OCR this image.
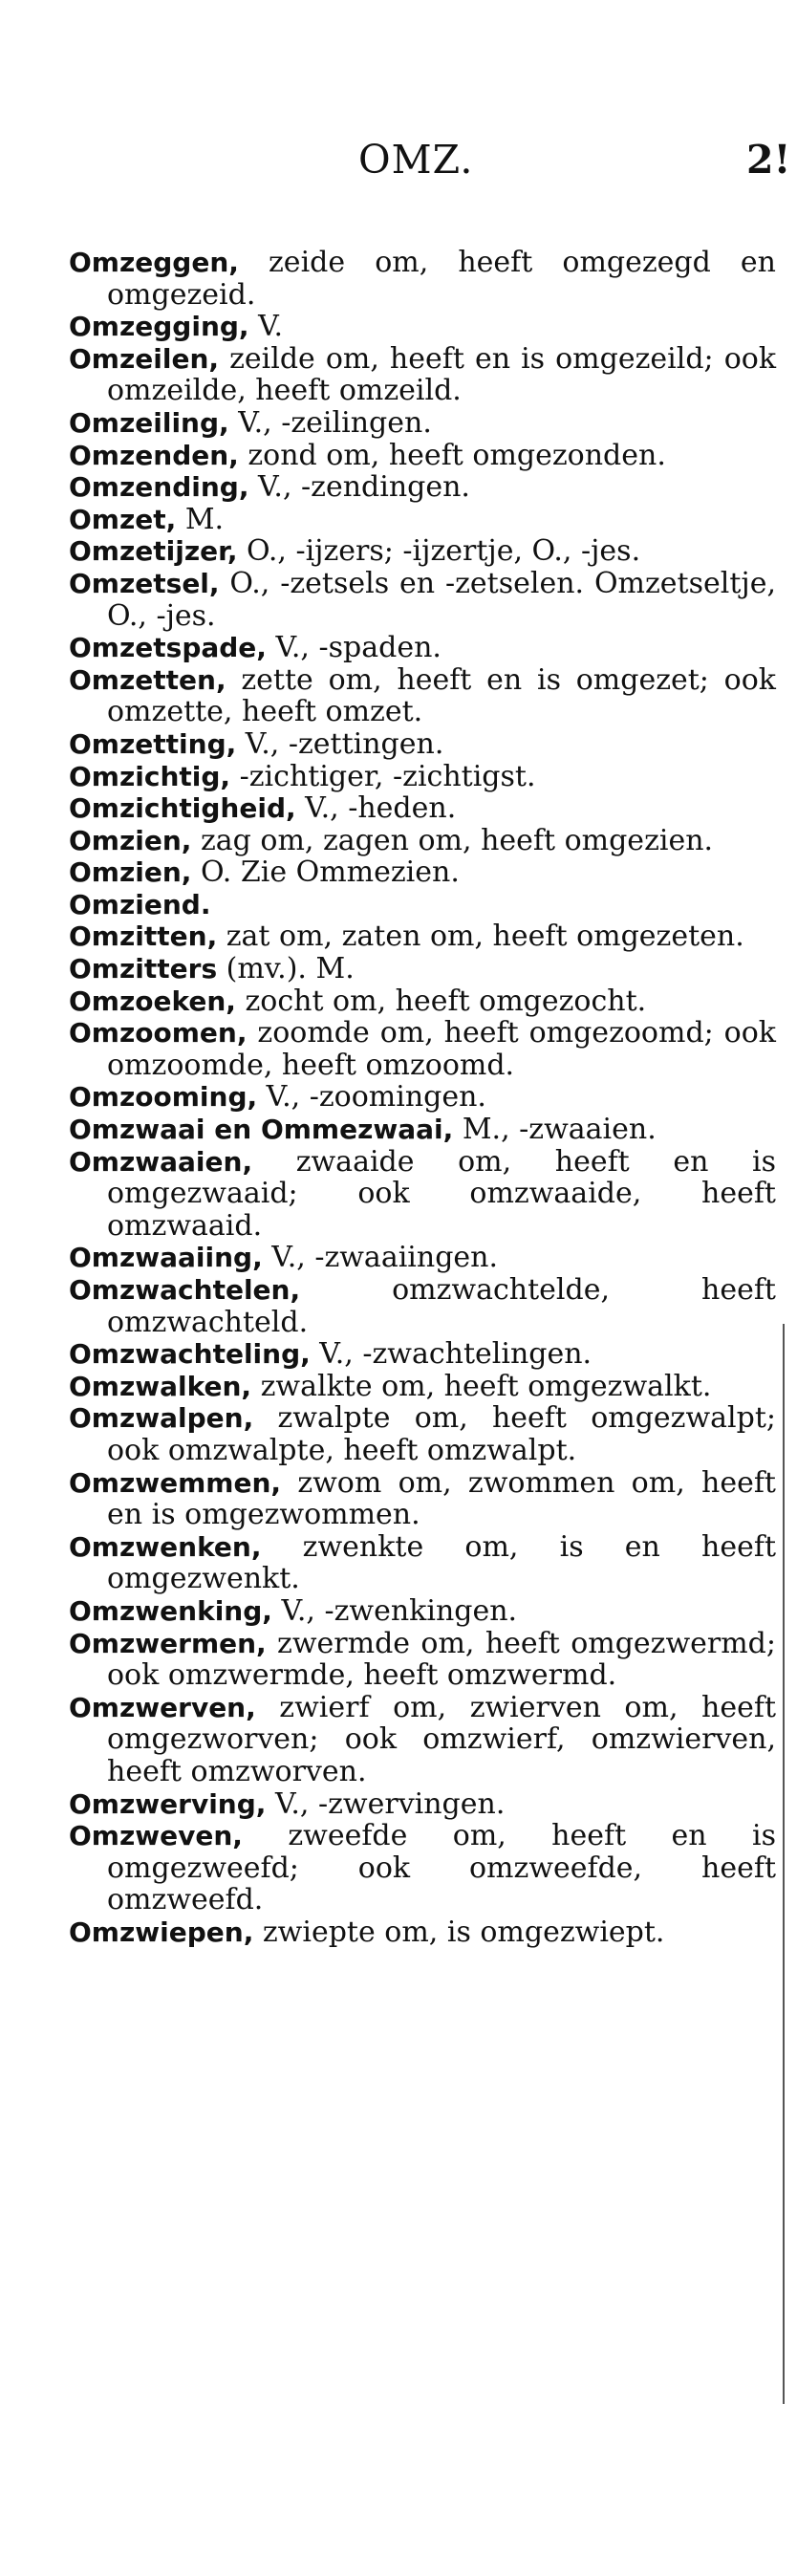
OMZ.	2!
Omzeggen, zeide om, heeft omgezegd en omgezeid.
Omzegging, V.
Omzeilen, zeilde om, heeft en is omgezeild; ook omzeilde, heeft omzeild.
Omzeiling, V., -zeilingen.
Omzenden, zond om, heeft omgezonden.
Omzending, V., -zendingen.
Omzet, M.
Omzetijzer, O., -ijzers; -ijzertje, O., -jes.
Omzetsel, O., -zetsels en -zetselen. Omzetseltje, O., -jes.
Omzetspade, V., -spaden.
Omzetten, zette om, heeft en is omgezet; ook omzette, heeft omzet.
Omzetting, V., -zettingen.
Omzichtig, -zichtiger, -zichtigst.
Omzichtigheid, V., -heden.
Omzien, zag om, zagen om, heeft omgezien.
Omzien, O. Zie Ommezien.
Omziend.
Omzitten, zat om, zaten om, heeft omgezeten.
Omzitters (mv.). M.
Omzoeken, zocht om, heeft omgezocht.
Omzoomen, zoomde om, heeft omgezoomd; ook omzoomde, heeft omzoomd.
Omzooming, V., -zoomingen.
Omzwaai en Ommezwaai, M., -zwaaien.
Omzwaaien, zwaaide om, heeft en is omgezwaaid; ook omzwaaide, heeft omzwaaid.
Omzwaaiing, V., -zwaaiingen.
Omzwachtelen, omzwachtelde, heeft omzwachteld.
Omzwachteling, V., -zwachtelingen.
Omzwalken, zwalkte om, heeft omgezwalkt.
Omzwalpen, zwalpte om, heeft omgezwalpt; ook omzwalpte, heeft omzwalpt.
Omzwemmen, zwom om, zwommen om, heeft en is omgezwommen.
Omzwenken, zwenkte om, is en heeft omgezwenkt.
Omzwenking, V., -zwenkingen.
Omzwermen, zwermde om, heeft omgezwermd; ook omzwermde, heeft omzwermd.
Omzwerven, zwierf om, zwierven om, heeft omgezworven; ook omzwierf, omzwierven, heeft omzworven.
Omzwerving, V., -zwervingen.
Omzweven, zweefde om, heeft en is omgezweefd; ook omzweefde, heeft omzweefd.
Omzwiepen, zwiepte om, is omgezwiept.
